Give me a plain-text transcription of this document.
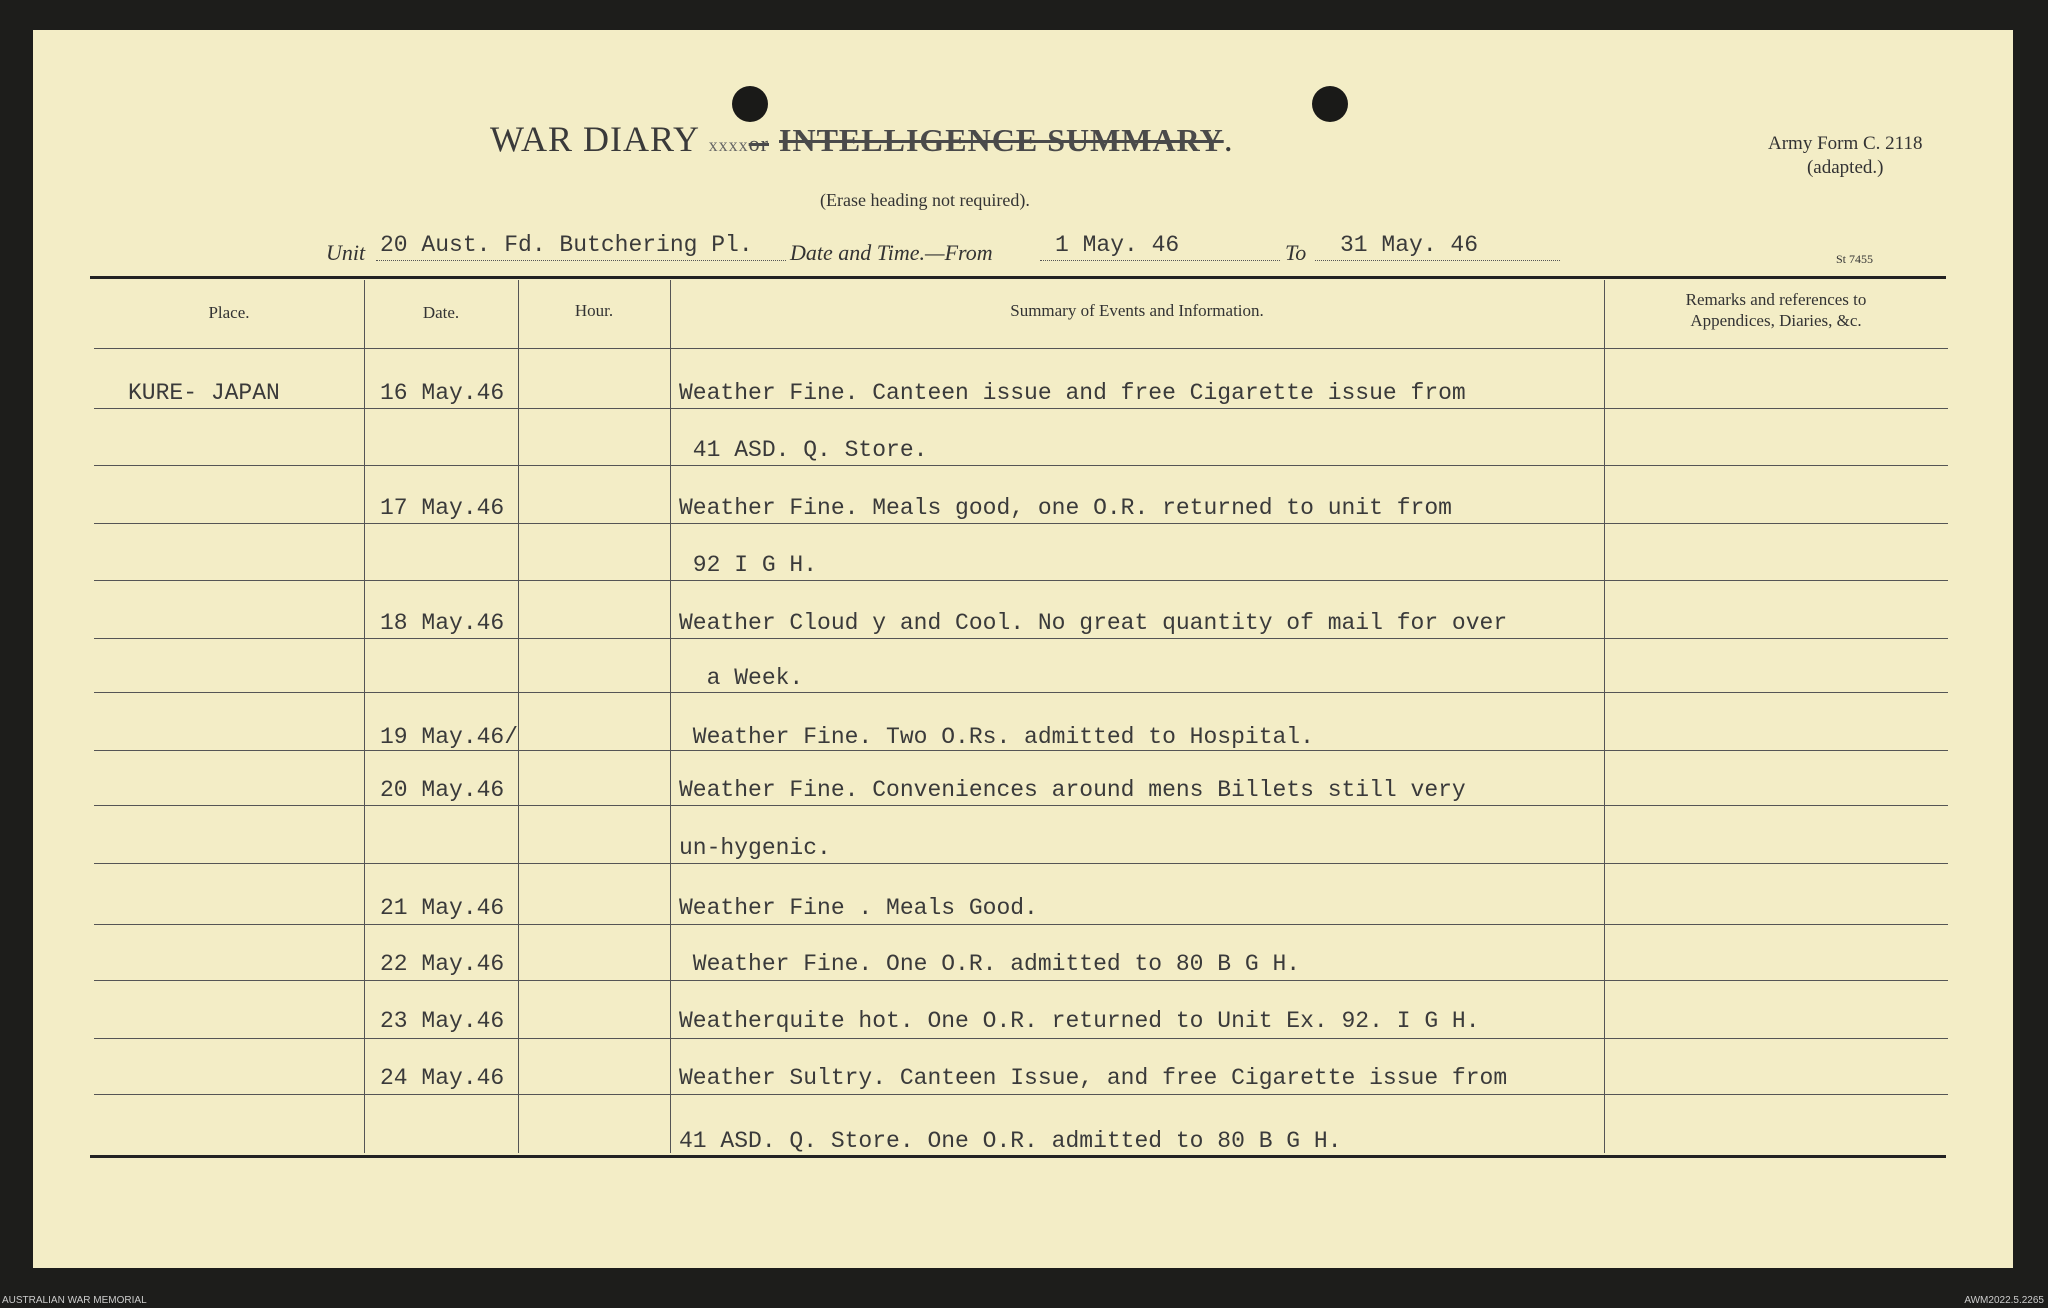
WAR DIARY xxxxor INTELLIGENCE SUMMARY.
(Erase heading not required).
Army Form C. 2118
(adapted.)
St 7455
Unit 20 Aust. Fd. Butchering Pl. Date and Time.—From	1 May. 46	To 31 May. 46
Place.	Date.	Hour.	Summary of Events and Information.
Remarks and references to
Appendices, Diaries, &c.
KURE- JAPAN	16 May.46	Weather Fine. Canteen issue and free Cigarette issue from
41 ASD. Q. Store.
17 May.46	Weather Fine. Meals good, one O.R. returned to unit from
92 I G H.
18 May.46	Weather Cloud y and Cool. No great quantity of mail for over
a Week.
19 May.46/	Weather Fine. Two O.Rs. admitted to Hospital.
20 May.46	Weather Fine. Conveniences around mens Billets still very
un-hygenic.
21 May.46	Weather Fine . Meals Good.
22 May.46	Weather Fine. One O.R. admitted to 80 B G H.
23 May.46	Weatherquite hot. One O.R. returned to Unit Ex. 92. I G H.
24 May.46	Weather Sultry. Canteen Issue, and free Cigarette issue from
41 ASD. Q. Store. One O.R. admitted to 80 B G H.
AUSTRALIAN WAR MEMORIAL	AWM2022.5.2265
